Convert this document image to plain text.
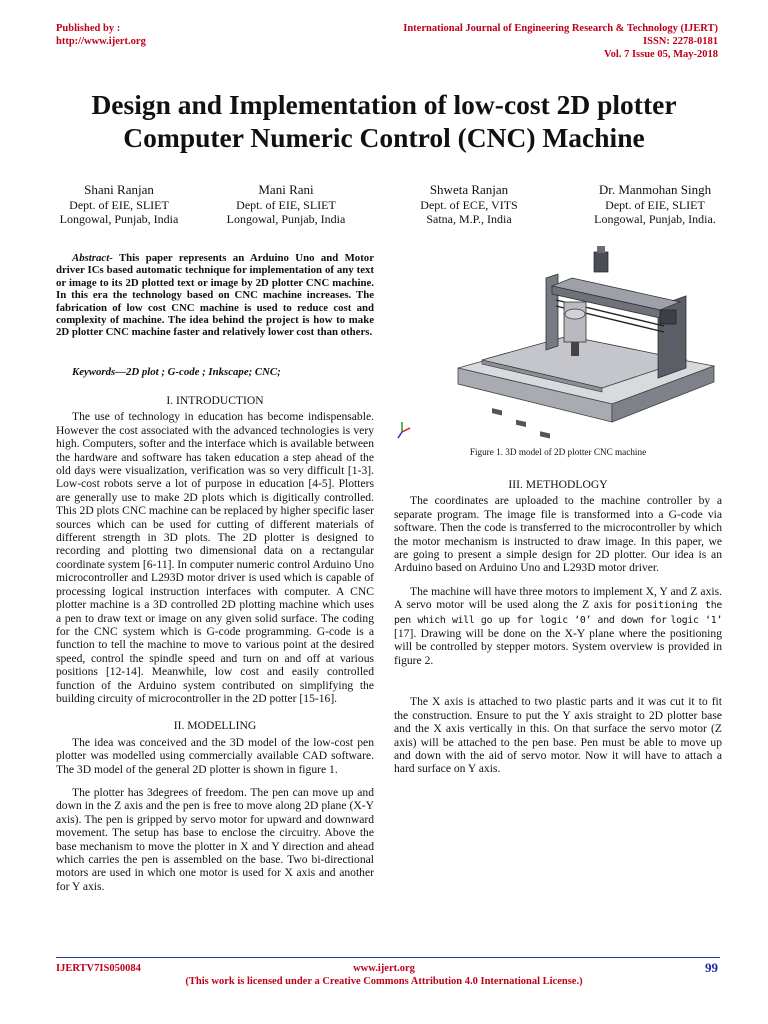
Published by :
http://www.ijert.org
International Journal of Engineering Research & Technology (IJERT)
ISSN: 2278-0181
Vol. 7 Issue 05, May-2018
Design and Implementation of low-cost 2D plotter
Computer Numeric Control (CNC) Machine
Shani Ranjan
Dept. of EIE, SLIET
Longowal, Punjab, India
Mani Rani
Dept. of EIE, SLIET
Longowal, Punjab, India
Shweta Ranjan
Dept. of ECE, VITS
Satna, M.P., India
Dr. Manmohan Singh
Dept. of EIE, SLIET
Longowal, Punjab, India.
Abstract- This paper represents an Arduino Uno and Motor driver ICs based automatic technique for implementation of any text or image to its 2D plotted text or image by 2D plotter CNC machine. In this era the technology based on CNC machine increases. The fabrication of low cost CNC machine is used to reduce cost and complexity of machine. The idea behind the project is how to make 2D plotter CNC machine faster and relatively lower cost than others.
Keywords—2D plot ; G-code ; Inkscape; CNC;
I. INTRODUCTION

The use of technology in education has become indispensable. However the cost associated with the advanced technologies is very high. Computers, softer and the interface which is available between the hardware and software has taken education a step ahead of the old days were visualization, verification was so very difficult [1-3]. Low-cost robots serve a lot of purpose in education [4-5]. Plotters are generally use to make 2D plots which is digitically controlled. This 2D plots CNC machine can be replaced by higher specific laser sources which can be used for cutting of different materials of different strength in 3D plots. The 2D plotter is designed to recording and plotting two dimensional data on a rectangular coordinate system [6-11]. In computer numeric control Arduino Uno microcontroller and L293D motor driver is used which is capable of processing logical instruction interfaces with computer. A CNC plotter machine is a 3D controlled 2D plotting machine which uses a pen to draw text or image on any given solid surface. The coding for the CNC system which is G-code programming. G-code is a function to tell the machine to move to various point at the desired speed, control the spindle speed and turn on and off at various positions [12-14]. Meanwhile, low cost and easily controlled function of the Arduino system contributed on simplifying the building circuity of microcontroller in the 2D potter [15-16].

II. MODELLING

The idea was conceived and the 3D model of the low-cost pen plotter was modelled using commercially available CAD software. The 3D model of the general 2D plotter is shown in figure 1.

The plotter has 3degrees of freedom. The pen can move up and down in the Z axis and the pen is free to move along 2D plane (X-Y axis). The pen is gripped by servo motor for upward and downward movement. The setup has base to enclose the circuitry. Above the base mechanism to move the plotter in X and Y direction and ahead which carries the pen is assembled on the base. Two bi-directional motors are used in which one motor is used for X axis and another for Y axis.

Figure 1. 3D model of 2D plotter CNC machine
III. METHODLOGY

The coordinates are uploaded to the machine controller by a separate program. The image file is transformed into a G-code via software. Then the code is transferred to the microcontroller by which the motor mechanism is instructed to draw image. In this paper, we are going to present a simple design for 2D plotter. Our idea is an Arduino based on Arduino Uno and L293D motor driver.

The machine will have three motors to implement X, Y and Z axis. A servo motor will be used along the Z axis for positioning the pen which will go up for logic ‘0’ and down for logic ‘1’ [17]. Drawing will be done on the X-Y plane where the positioning will be controlled by stepper motors. System overview is provided in figure 2.

The X axis is attached to two plastic parts and it was cut it to fit the construction. Ensure to put the Y axis straight to 2D plotter base and the X axis vertically in this. On that surface the servo motor (Z axis) will be attached to the pen base. Pen must be able to move up and down with the aid of servo motor. Now it will have to attach a hard surface on Y axis.

IJERTV7IS050084	www.ijert.org
(This work is licensed under a Creative Commons Attribution 4.0 International License.)
99
